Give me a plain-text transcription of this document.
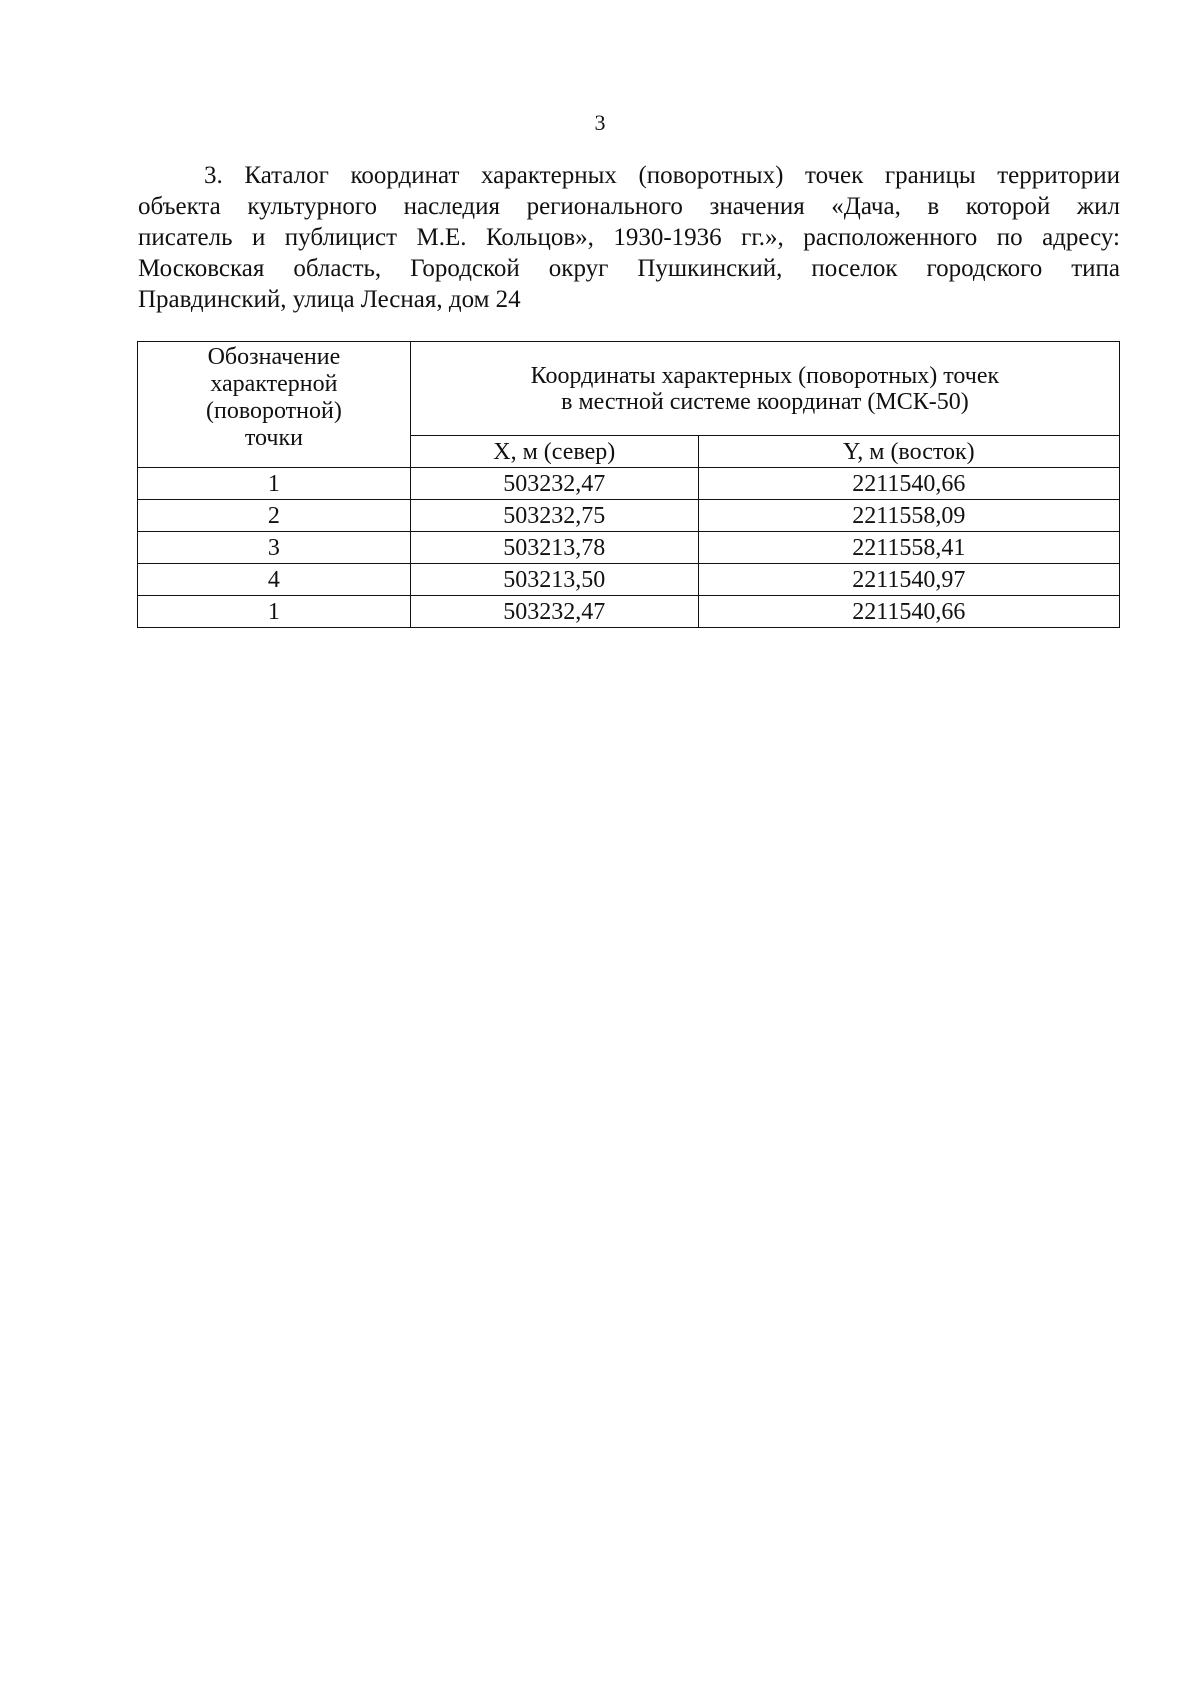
3
3. Каталог координат характерных (поворотных) точек границы территории
объекта культурного наследия регионального значения «Дача, в которой жил
писатель и публицист М.Е. Кольцов», 1930-1936 гг.», расположенного по адресу:
Московская область, Городской округ Пушкинский, поселок городского типа
Правдинский, улица Лесная, дом 24
Обозначение
характерной
(поворотной)
точки	Координаты характерных (поворотных) точек
в местной системе координат (МСК-50)	

	X, м (север)	Y, м (восток)
1	503232,47	2211540,66
2	503232,75	2211558,09
3	503213,78	2211558,41
4	503213,50	2211540,97
1	503232,47	2211540,66
